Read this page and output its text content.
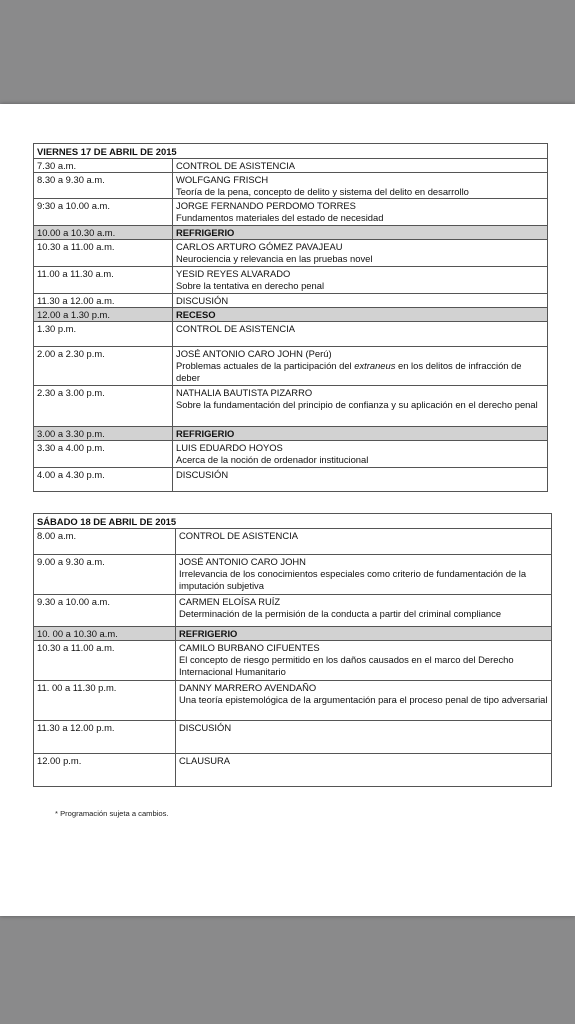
VIERNES 17 DE ABRIL DE 2015	
7.30 a.m.	CONTROL DE ASISTENCIA

8.30 a 9.30 a.m.	WOLFGANG FRISCH
Teoría de la pena, concepto de delito y sistema del delito en desarrollo

9:30 a 10.00 a.m.	JORGE FERNANDO PERDOMO TORRES
Fundamentos materiales del estado de necesidad

10.00 a 10.30 a.m.	REFRIGERIO

10.30 a 11.00 a.m.	CARLOS ARTURO GÓMEZ PAVAJEAU
Neurociencia y relevancia en las pruebas novel

11.00 a 11.30 a.m.	YESID REYES ALVARADO
Sobre la tentativa en derecho penal

11.30 a 12.00 a.m.	DISCUSIÓN

12.00 a 1.30 p.m.	RECESO

1.30 p.m.	CONTROL DE ASISTENCIA

2.00 a 2.30 p.m.	JOSÉ ANTONIO CARO JOHN (Perú)
Problemas actuales de la participación del extraneus en los delitos de infracción de deber

2.30 a 3.00 p.m.	NATHALIA BAUTISTA PIZARRO
Sobre la fundamentación del principio de confianza y su aplicación en el derecho penal

3.00 a 3.30 p.m.	REFRIGERIO

3.30 a 4.00 p.m.	LUIS EDUARDO HOYOS
Acerca de la noción de ordenador institucional

4.00 a 4.30 p.m.	DISCUSIÓN
SÁBADO 18 DE ABRIL DE 2015	
8.00 a.m.	CONTROL DE ASISTENCIA

9.00 a 9.30 a.m.	JOSÉ ANTONIO CARO JOHN
Irrelevancia de los conocimientos especiales como criterio de fundamentación de la imputación subjetiva

9.30 a 10.00 a.m.	CARMEN ELOÍSA RUÍZ
Determinación de la permisión de la conducta a partir del criminal compliance

10. 00 a 10.30 a.m.	REFRIGERIO

10.30 a 11.00 a.m.	CAMILO BURBANO CIFUENTES
El concepto de riesgo permitido en los daños causados en el marco del Derecho Internacional Humanitario

11. 00 a 11.30 p.m.	DANNY MARRERO AVENDAÑO
Una teoría epistemológica de la argumentación para el proceso penal de tipo adversarial

11.30 a 12.00 p.m.	DISCUSIÓN

12.00 p.m.	CLAUSURA
* Programación sujeta a cambios.
